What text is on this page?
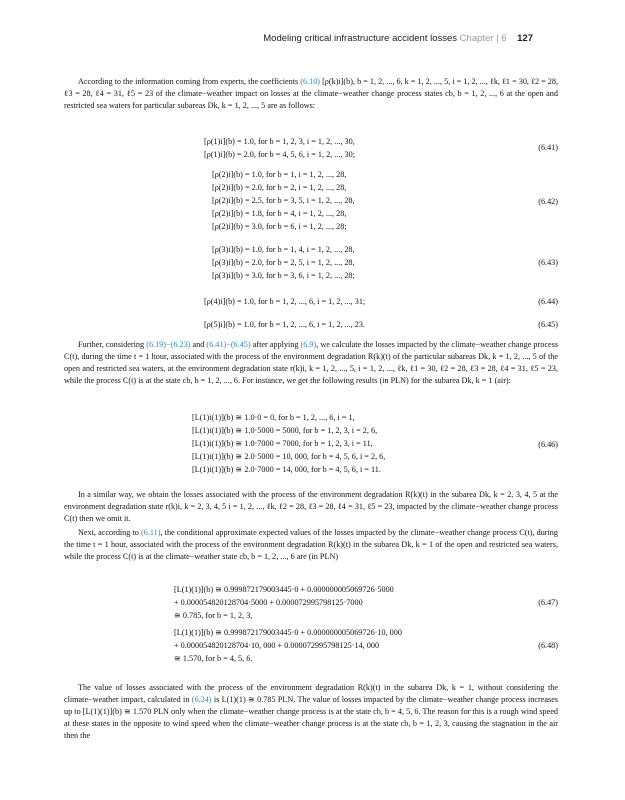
Modeling critical infrastructure accident losses Chapter | 6 127

According to the information coming from experts, the coefficients (6.10) [ρ(k)i](b), b = 1, 2, ..., 6, k = 1, 2, ..., 5, i = 1, 2, ..., ℓk, ℓ1 = 30, ℓ2 = 28, ℓ3 = 28, ℓ4 = 31, ℓ5 = 23 of the climate−weather impact on losses at the climate−weather change process states cb, b = 1, 2, ..., 6 at the open and restricted sea waters for particular subareas Dk, k = 1, 2, ..., 5 are as follows:

[ρ(1)i](b) = 1.0, for b = 1, 2, 3, i = 1, 2, ..., 30,
[ρ(1)i](b) = 2.0, for b = 4, 5, 6, i = 1, 2, ..., 30;
(6.41)
[ρ(2)i](b) = 1.0, for b = 1, i = 1, 2, ..., 28,
[ρ(2)i](b) = 2.0, for b = 2, i = 1, 2, ..., 28,
[ρ(2)i](b) = 2.5, for b = 3, 5, i = 1, 2, ..., 28,
[ρ(2)i](b) = 1.8, for b = 4, i = 1, 2, ..., 28,
[ρ(2)i](b) = 3.0, for b = 6, i = 1, 2, ..., 28;
(6.42)
[ρ(3)i](b) = 1.0, for b = 1, 4, i = 1, 2, ..., 28,
[ρ(3)i](b) = 2.0, for b = 2, 5, i = 1, 2, ..., 28,
[ρ(3)i](b) = 3.0, for b = 3, 6, i = 1, 2, ..., 28;
(6.43)
[ρ(4)i](b) = 1.0, for b = 1, 2, ..., 6, i = 1, 2, ..., 31;	(6.44)
[ρ(5)i](b) = 1.0, for b = 1, 2, ..., 6, i = 1, 2, ..., 23.	(6.45)

Further, considering (6.19)−(6.23) and (6.41)−(6.45) after applying (6.9), we calculate the losses impacted by the climate−weather change process C(t), during the time t = 1 hour, associated with the process of the environment degradation R(k)(t) of the particular subareas Dk, k = 1, 2, ..., 5 of the open and restricted sea waters, at the environment degradation state r(k)i, k = 1, 2, ..., 5, i = 1, 2, ..., ℓk, ℓ1 = 30, ℓ2 = 28, ℓ3 = 28, ℓ4 = 31, ℓ5 = 23, while the process C(t) is at the state cb, b = 1, 2, ..., 6. For instance, we get the following results (in PLN) for the subarea Dk, k = 1 (air):

[L(1)i(1)](b) ≅ 1.0·0 = 0, for b = 1, 2, ..., 6, i = 1,
[L(1)i(1)](b) ≅ 1.0·5000 = 5000, for b = 1, 2, 3, i = 2, 6,
[L(1)i(1)](b) ≅ 1.0·7000 = 7000, for b = 1, 2, 3, i = 11,
[L(1)i(1)](b) ≅ 2.0·5000 = 10, 000, for b = 4, 5, 6, i = 2, 6,
[L(1)i(1)](b) ≅ 2.0·7000 = 14, 000, for b = 4, 5, 6, i = 11.
(6.46)

In a similar way, we obtain the losses associated with the process of the environment degradation R(k)(t) in the subarea Dk, k = 2, 3, 4, 5 at the environment degradation state r(k)i, k = 2, 3, 4, 5 i = 1, 2, ..., ℓk, ℓ2 = 28, ℓ3 = 28, ℓ4 = 31, ℓ5 = 23, impacted by the climate−weather change process C(t) then we omit it.

Next, according to (6.11), the conditional approximate expected values of the losses impacted by the climate−weather change process C(t), during the time t = 1 hour, associated with the process of the environment degradation R(k)(t) in the subarea Dk, k = 1 of the open and restricted sea waters, while the process C(t) is at the climate−weather state cb, b = 1, 2, ..., 6 are (in PLN)

[L(1)(1)](b) ≅ 0.999872179003445·0 + 0.000000005069726·5000
+ 0.000054820128704·5000 + 0.000072995798125·7000
≅ 0.785, for b = 1, 2, 3,
(6.47)
[L(1)(1)](b) ≅ 0.999872179003445·0 + 0.000000005069726·10, 000
+ 0.000054820128704·10, 000 + 0.000072995798125·14, 000
≅ 1.570, for b = 4, 5, 6.
(6.48)

The value of losses associated with the process of the environment degradation R(k)(t) in the subarea Dk, k = 1, without considering the climate−weather impact, calculated in (6.24) is L(1)(1) ≅ 0.785 PLN. The value of losses impacted by the climate−weather change process increases up to [L(1)(1)](b) ≅ 1.570 PLN only when the climate−weather change process is at the state cb, b = 4, 5, 6. The reason for this is a rough wind speed at these states in the opposite to wind speed when the climate−weather change process is at the state cb, b = 1, 2, 3, causing the stagnation in the air then the
